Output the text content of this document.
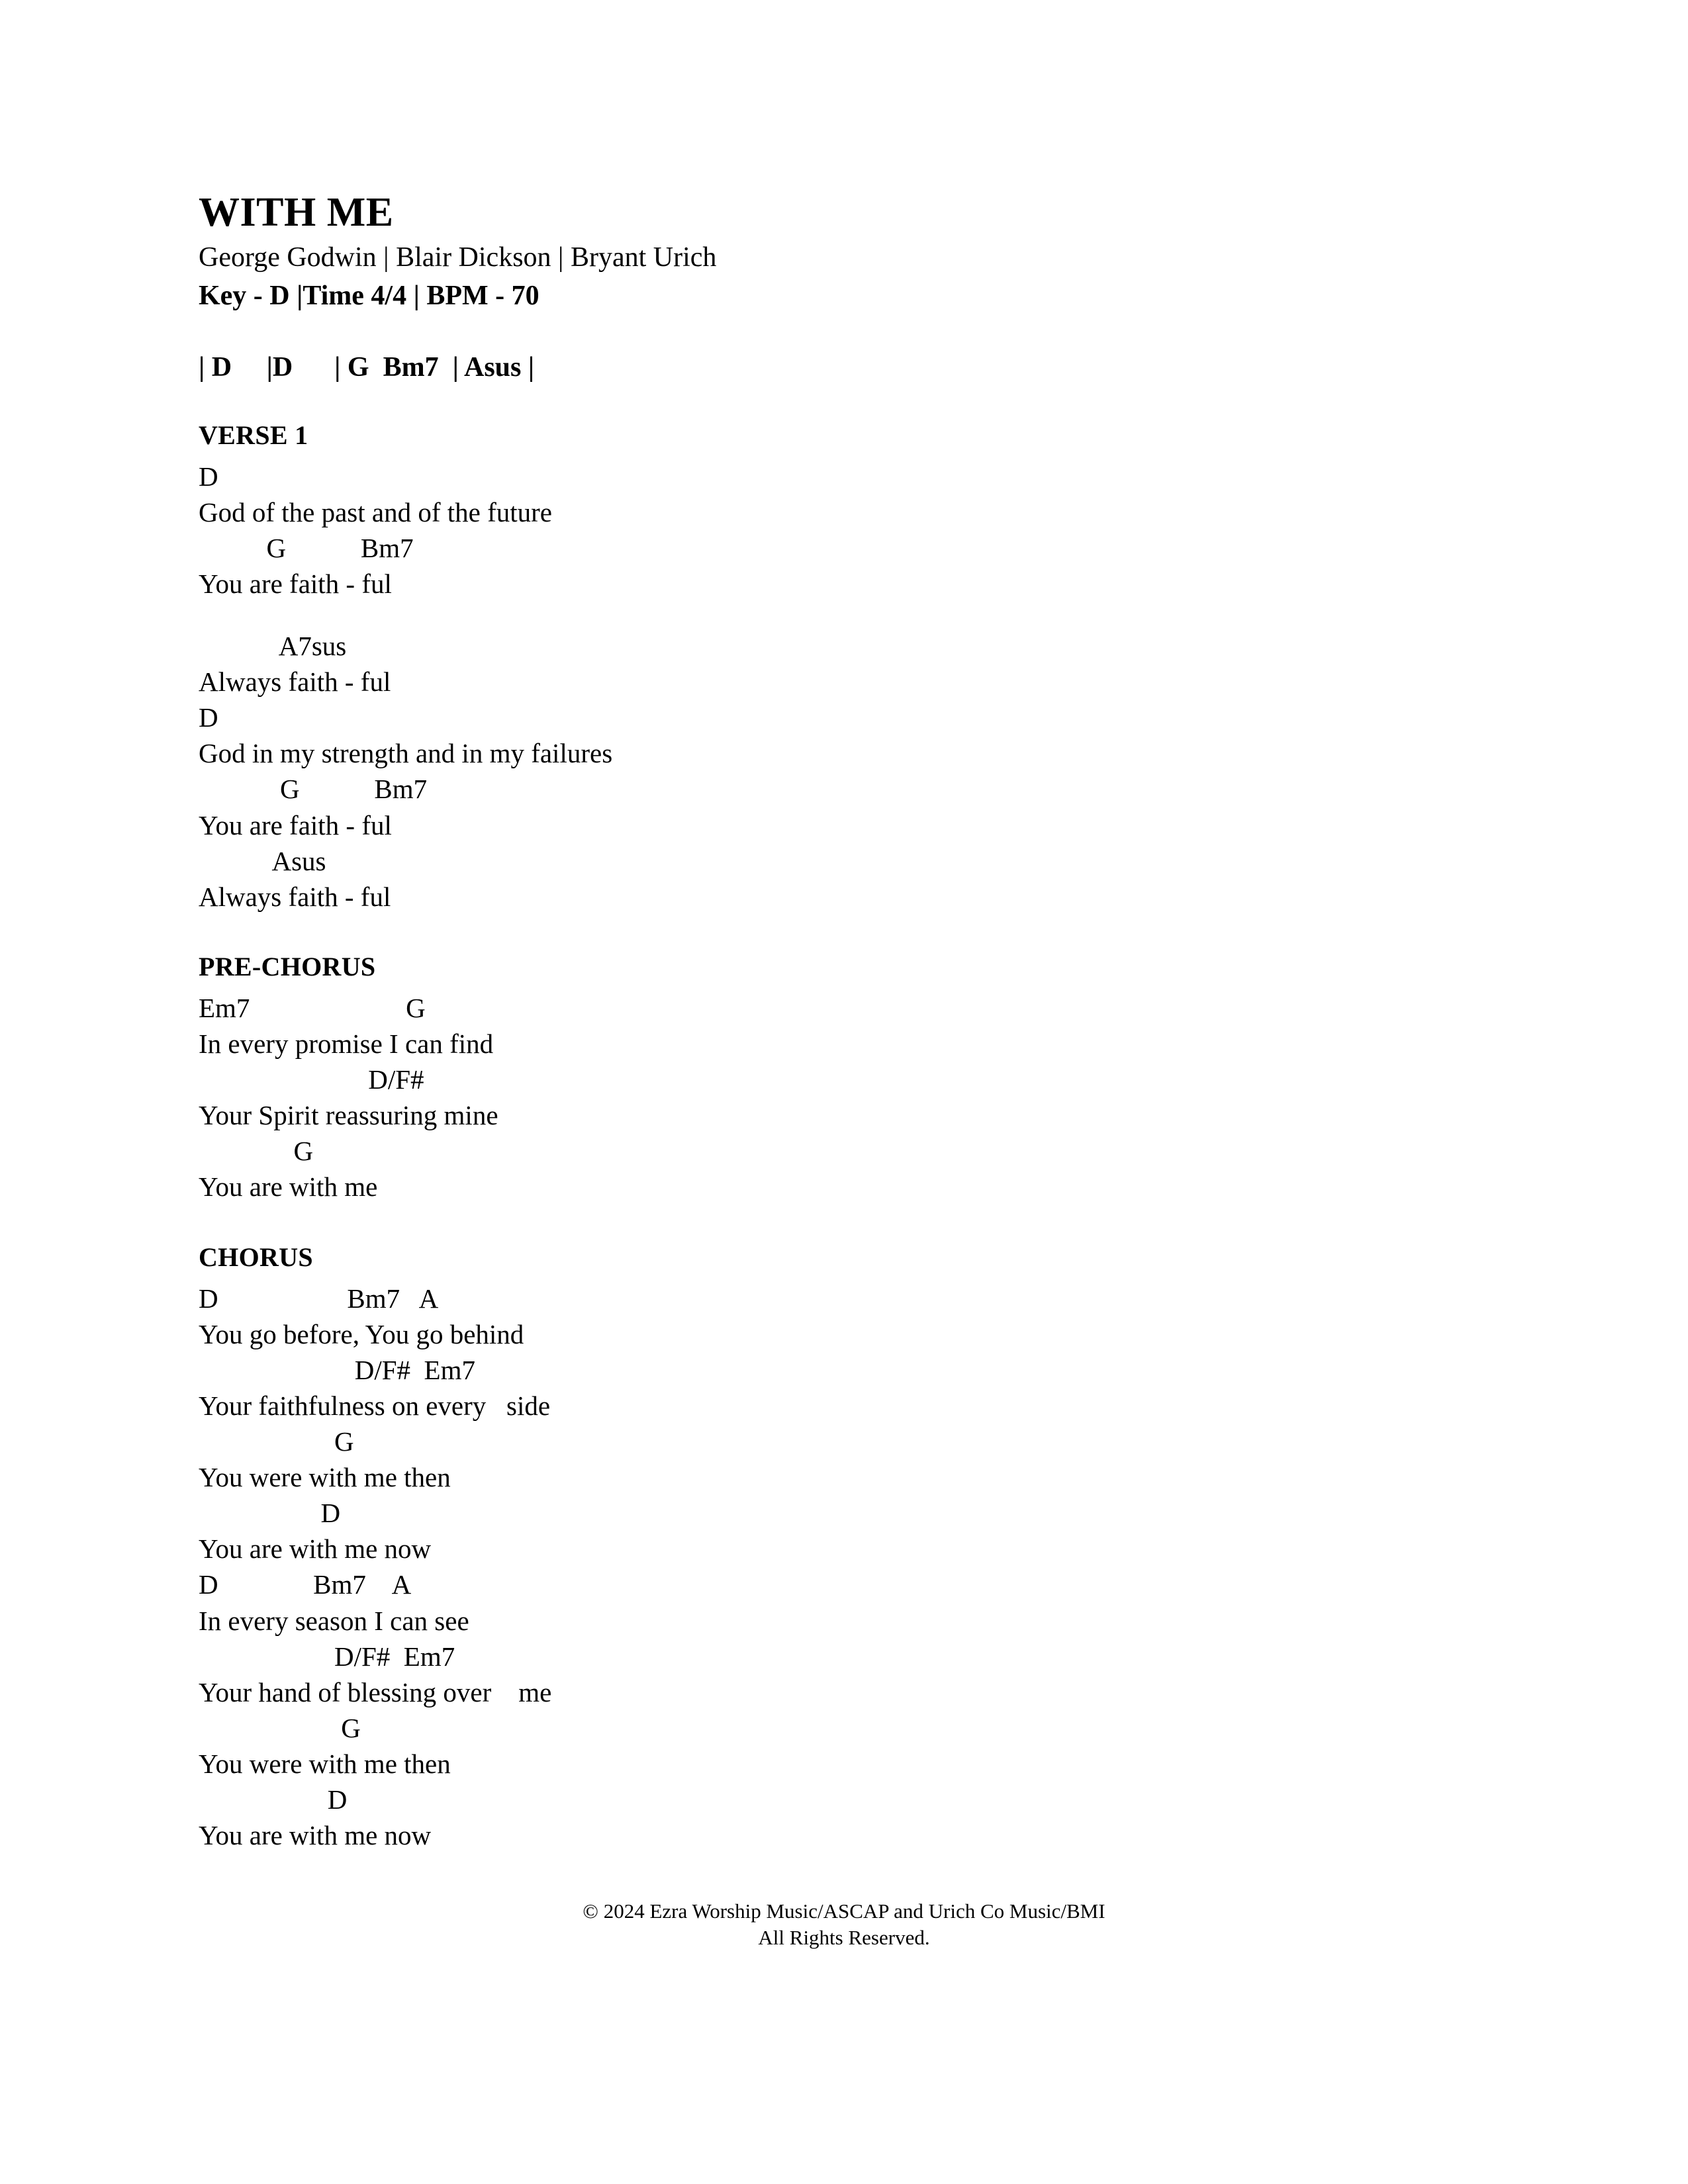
WITH ME
George Godwin | Blair Dickson | Bryant Urich
Key - D |Time 4/4 | BPM - 70
| D     |D      | G  Bm7  | Asus |
VERSE 1
D
God of the past and of the future
G           Bm7
You are faith - ful
A7sus
Always faith - ful
D
God in my strength and in my failures
G           Bm7
You are faith - ful
Asus
Always faith - ful
PRE-CHORUS
Em7                       G
In every promise I can find
D/F#
Your Spirit reassuring mine
G
You are with me
CHORUS
D                   Bm7   A
You go before, You go behind
D/F#  Em7
Your faithfulness on every   side
G
You were with me then
D
You are with me now
D              Bm7    A
In every season I can see
D/F#  Em7
Your hand of blessing over    me
G
You were with me then
D
You are with me now
© 2024 Ezra Worship Music/ASCAP and Urich Co Music/BMI
All Rights Reserved.
